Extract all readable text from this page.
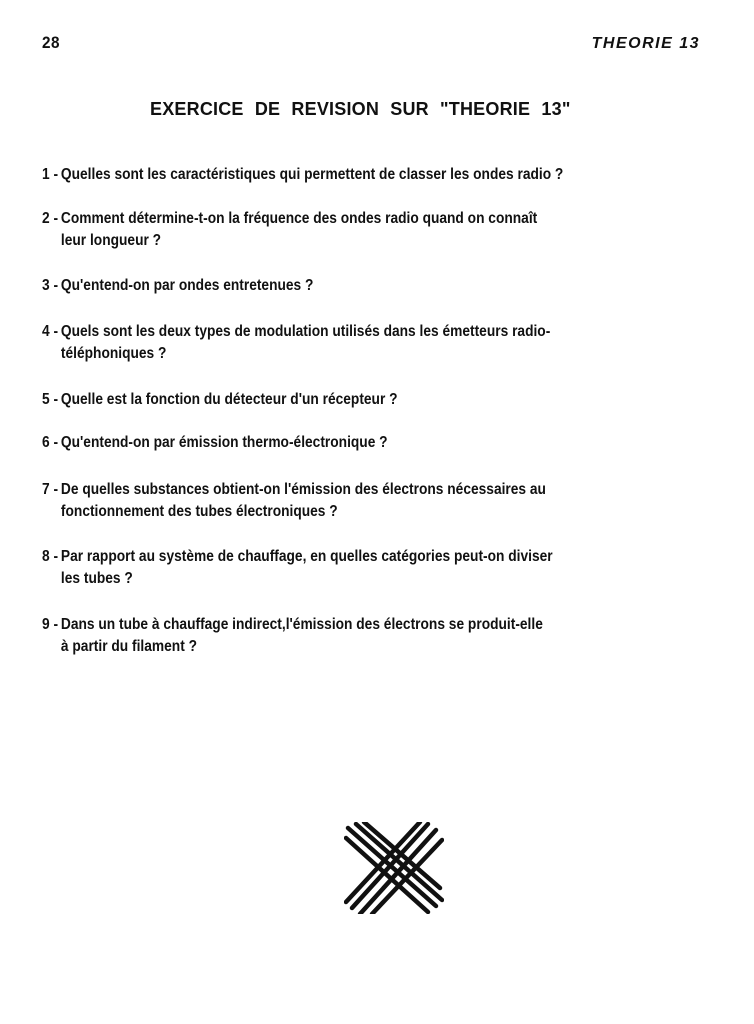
28	THEORIE 13
EXERCICE DE REVISION SUR "THEORIE 13"
1 - Quelles sont les caractéristiques qui permettent de classer les ondes radio ?
2 - Comment détermine-t-on la fréquence des ondes radio quand on connaît
leur longueur ?
3 - Qu'entend-on par ondes entretenues ?
4 - Quels sont les deux types de modulation utilisés dans les émetteurs radio-
téléphoniques ?
5 - Quelle est la fonction du détecteur d'un récepteur ?
6 - Qu'entend-on par émission thermo-électronique ?
7 - De quelles substances obtient-on l'émission des électrons nécessaires au
fonctionnement des tubes électroniques ?
8 - Par rapport au système de chauffage, en quelles catégories peut-on diviser
les tubes ?
9 - Dans un tube à chauffage indirect,l'émission des électrons se produit-elle
à partir du filament ?
